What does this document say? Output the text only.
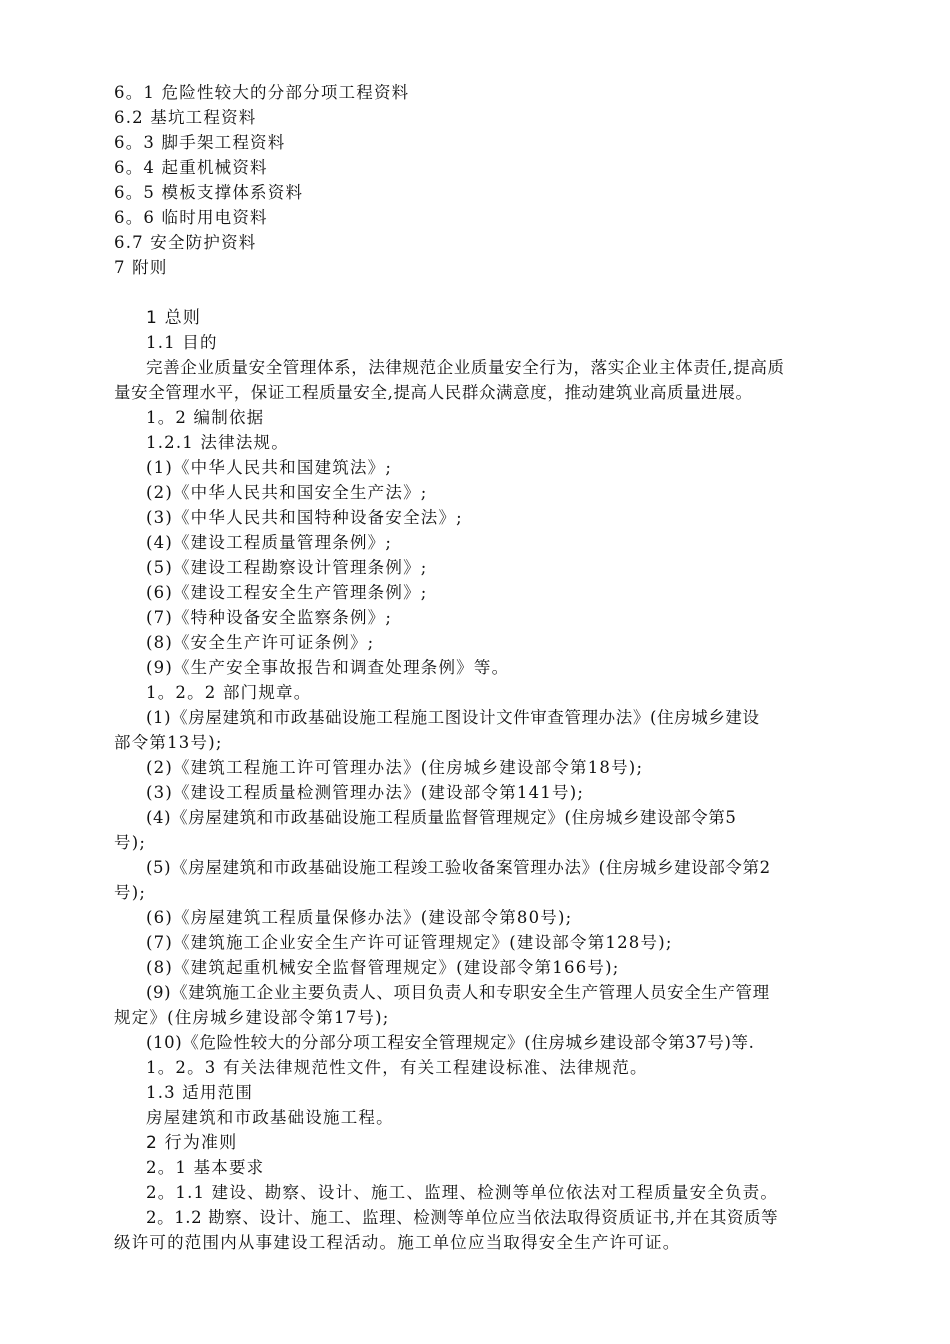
6。1 危险性较大的分部分项工程资料
6.2 基坑工程资料
6。3 脚手架工程资料
6。4 起重机械资料
6。5 模板支撑体系资料
6。6 临时用电资料
6.7 安全防护资料
7 附则
1 总则
1.1 目的
完善企业质量安全管理体系，法律规范企业质量安全行为，落实企业主体责任,提高质
量安全管理水平，保证工程质量安全,提高人民群众满意度，推动建筑业高质量进展。
1。2 编制依据
1.2.1 法律法规。
(1)《中华人民共和国建筑法》;
(2)《中华人民共和国安全生产法》;
(3)《中华人民共和国特种设备安全法》;
(4)《建设工程质量管理条例》;
(5)《建设工程勘察设计管理条例》;
(6)《建设工程安全生产管理条例》;
(7)《特种设备安全监察条例》;
(8)《安全生产许可证条例》;
(9)《生产安全事故报告和调查处理条例》等。
1。2。2 部门规章。
(1)《房屋建筑和市政基础设施工程施工图设计文件审查管理办法》(住房城乡建设
部令第13号);
(2)《建筑工程施工许可管理办法》(住房城乡建设部令第18号);
(3)《建设工程质量检测管理办法》(建设部令第141号);
(4)《房屋建筑和市政基础设施工程质量监督管理规定》(住房城乡建设部令第5
号);
(5)《房屋建筑和市政基础设施工程竣工验收备案管理办法》(住房城乡建设部令第2
号);
(6)《房屋建筑工程质量保修办法》(建设部令第80号);
(7)《建筑施工企业安全生产许可证管理规定》(建设部令第128号);
(8)《建筑起重机械安全监督管理规定》(建设部令第166号);
(9)《建筑施工企业主要负责人、项目负责人和专职安全生产管理人员安全生产管理
规定》(住房城乡建设部令第17号);
(10)《危险性较大的分部分项工程安全管理规定》(住房城乡建设部令第37号)等.
1。2。3 有关法律规范性文件，有关工程建设标准、法律规范。
1.3 适用范围
房屋建筑和市政基础设施工程。
2 行为准则
2。1 基本要求
2。1.1 建设、勘察、设计、施工、监理、检测等单位依法对工程质量安全负责。
2。1.2 勘察、设计、施工、监理、检测等单位应当依法取得资质证书,并在其资质等
级许可的范围内从事建设工程活动。施工单位应当取得安全生产许可证。
